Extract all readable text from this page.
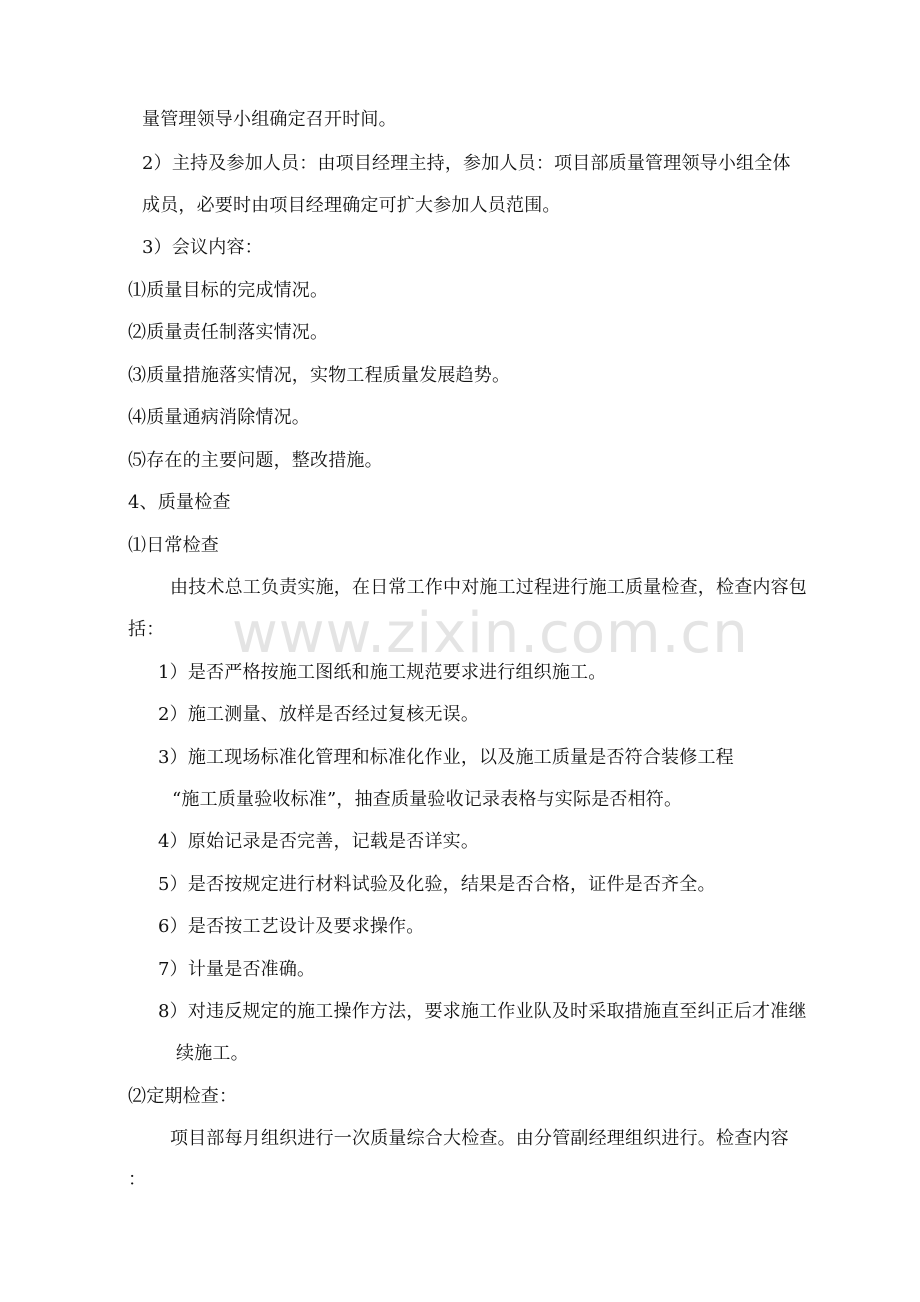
量管理领导小组确定召开时间。
2）主持及参加人员：由项目经理主持，参加人员：项目部质量管理领导小组全体
成员，必要时由项目经理确定可扩大参加人员范围。
3）会议内容：
⑴质量目标的完成情况。
⑵质量责任制落实情况。
⑶质量措施落实情况，实物工程质量发展趋势。
⑷质量通病消除情况。
⑸存在的主要问题，整改措施。
4、质量检查
⑴日常检查
由技术总工负责实施，在日常工作中对施工过程进行施工质量检查，检查内容包
括：
1）是否严格按施工图纸和施工规范要求进行组织施工。
2）施工测量、放样是否经过复核无误。
3）施工现场标准化管理和标准化作业，以及施工质量是否符合装修工程
“施工质量验收标准”，抽查质量验收记录表格与实际是否相符。
4）原始记录是否完善，记载是否详实。
5）是否按规定进行材料试验及化验，结果是否合格，证件是否齐全。
6）是否按工艺设计及要求操作。
7）计量是否准确。
8）对违反规定的施工操作方法，要求施工作业队及时采取措施直至纠正后才准继
续施工。
⑵定期检查：
项目部每月组织进行一次质量综合大检查。由分管副经理组织进行。检查内容
：
www.zixin.com.cn
